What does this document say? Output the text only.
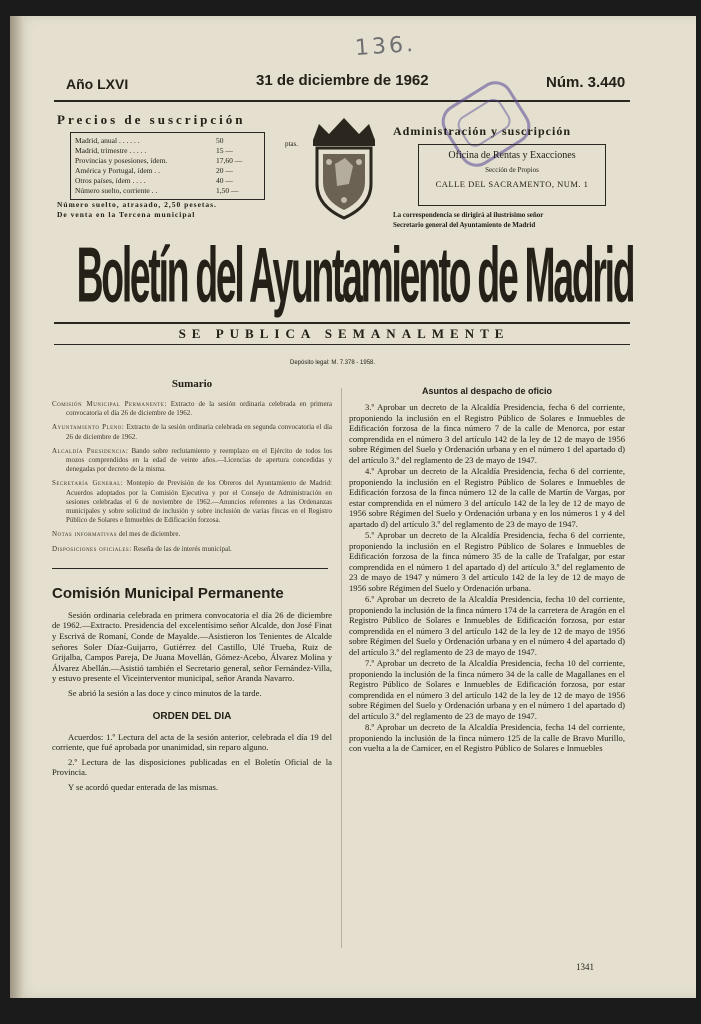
136.
Año LXVI	31 de diciembre de 1962	Núm. 3.440
Precios de suscripción
ptas.
Madrid, anual . . . . . .	50
Madrid, trimestre . . . . .	15 —
Provincias y posesiones, ídem.	17,60 —
América y Portugal, ídem . .	20 —
Otros países, ídem . . . .	40 —
Número suelto, corriente . .	1,50 —
Número suelto, atrasado, 2,50 pesetas.
De venta en la Tercena municipal
Administración y suscripción
Oficina de Rentas y Exacciones
Sección de Propios
CALLE DEL SACRAMENTO, NUM. 1
La correspondencia se dirigirá al ilustrísimo señor
Secretario general del Ayuntamiento de Madrid
Boletín del Ayuntamiento de Madrid
SE PUBLICA SEMANALMENTE
Depósito legal: M. 7.378 - 1958.
Sumario

Comisión Municipal Permanente: Extracto de la sesión ordinaria celebrada en primera convocatoria el día 26 de diciembre de 1962.

Ayuntamiento Pleno: Extracto de la sesión ordinaria celebrada en segunda convocatoria el día 26 de diciembre de 1962.

Alcaldía Presidencia: Bando sobre reclutamiento y reemplazo en el Ejército de todos los mozos comprendidos en la edad de veinte años.—Licencias de apertura concedidas y denegadas por decreto de la misma.

Secretaría General: Montepío de Previsión de los Obreros del Ayuntamiento de Madrid: Acuerdos adoptados por la Comisión Ejecutiva y por el Consejo de Administración en sesiones celebradas el 6 de noviembre de 1962.—Anuncios referentes a las Ordenanzas municipales y sobre solicitud de inclusión y sobre inclusión de varias fincas en el Registro Público de Solares e Inmuebles de Edificación forzosa.

Notas informativas del mes de diciembre.

Disposiciones oficiales: Reseña de las de interés municipal.

Comisión Municipal Permanente

Sesión ordinaria celebrada en primera convocatoria el día 26 de diciembre de 1962.—Extracto. Presidencia del excelentísimo señor Alcalde, don José Finat y Escrivá de Romaní, Conde de Mayalde.—Asistieron los Tenientes de Alcalde señores Soler Díaz-Guijarro, Gutiérrez del Castillo, Ulé Trueba, Ruiz de Grijalba, Campos Pareja, De Juana Movellán, Gómez-Acebo, Álvarez Molina y Álvarez Abellán.—Asistió también el Secretario general, señor Fernández-Villa, y estuvo presente el Viceinterventor municipal, señor Aranda Navarro.

Se abrió la sesión a las doce y cinco minutos de la tarde.

ORDEN DEL DIA

Acuerdos: 1.º Lectura del acta de la sesión anterior, celebrada el día 19 del corriente, que fué aprobada por unanimidad, sin reparo alguno.

2.º Lectura de las disposiciones publicadas en el Boletín Oficial de la Provincia.

Y se acordó quedar enterada de las mismas.

Asuntos al despacho de oficio

3.º Aprobar un decreto de la Alcaldía Presidencia, fecha 6 del corriente, proponiendo la inclusión en el Registro Público de Solares e Inmuebles de Edificación forzosa de la finca número 7 de la calle de Menorca, por estar comprendida en el número 3 del artículo 142 de la ley de 12 de mayo de 1956 sobre Régimen del Suelo y Ordenación urbana y en el número 1 del apartado d) del artículo 3.º del reglamento de 23 de mayo de 1947.

4.º Aprobar un decreto de la Alcaldía Presidencia, fecha 6 del corriente, proponiendo la inclusión en el Registro Público de Solares e Inmuebles de Edificación forzosa de la finca número 12 de la calle de Martín de Vargas, por estar comprendida en el número 3 del artículo 142 de la ley de 12 de mayo de 1956 sobre Régimen del Suelo y Ordenación urbana y en los números 1 y 4 del apartado d) del artículo 3.º del reglamento de 23 de mayo de 1947.

5.º Aprobar un decreto de la Alcaldía Presidencia, fecha 6 del corriente, proponiendo la inclusión en el Registro Público de Solares e Inmuebles de Edificación forzosa de la finca número 35 de la calle de Trafalgar, por estar comprendida en el número 1 del apartado d) del artículo 3.º del reglamento de 23 de mayo de 1947 y número 3 del artículo 142 de la ley de 12 de mayo de 1956 sobre Régimen del Suelo y Ordenación urbana.

6.º Aprobar un decreto de la Alcaldía Presidencia, fecha 10 del corriente, proponiendo la inclusión de la finca número 174 de la carretera de Aragón en el Registro Público de Solares e Inmuebles de Edificación forzosa, por estar comprendida en el número 3 del artículo 142 de la ley de 12 de mayo de 1956 sobre Régimen del Suelo y Ordenación urbana y en el número 4 del apartado d) del artículo 3.º del reglamento de 23 de mayo de 1947.

7.º Aprobar un decreto de la Alcaldía Presidencia, fecha 10 del corriente, proponiendo la inclusión de la finca número 34 de la calle de Magallanes en el Registro Público de Solares e Inmuebles de Edificación forzosa, por estar comprendida en el número 3 del artículo 142 de la ley de 12 de mayo de 1956 sobre Régimen del Suelo y Ordenación urbana y en el número 1 del apartado d) del artículo 3.º del reglamento de 23 de mayo de 1947.

8.º Aprobar un decreto de la Alcaldía Presidencia, fecha 14 del corriente, proponiendo la inclusión de la finca número 125 de la calle de Bravo Murillo, con vuelta a la de Carnicer, en el Registro Público de Solares e Inmuebles

1341
